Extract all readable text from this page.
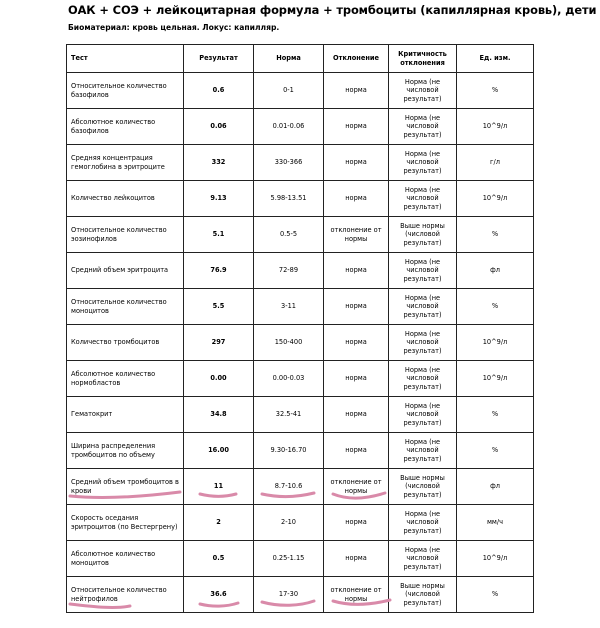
ОАК + СОЭ + лейкоцитарная формула + тромбоциты (капиллярная кровь), дети
Биоматериал: кровь цельная. Локус: капилляр.
Тест	Результат	Норма	Отклонение	Критичность отклонения	Ед. изм.
Относительное количество базофилов	0.6	0-1	норма	Норма (не числовой результат)	%
Абсолютное количество базофилов	0.06	0.01-0.06	норма	Норма (не числовой результат)	10^9/л
Средняя концентрация гемоглобина в эритроците	332	330-366	норма	Норма (не числовой результат)	г/л
Количество лейкоцитов	9.13	5.98-13.51	норма	Норма (не числовой результат)	10^9/л
Относительное количество эозинофилов	5.1	0.5-5	отклонение от нормы	Выше нормы (числовой результат)	%
Средний объем эритроцита	76.9	72-89	норма	Норма (не числовой результат)	фл
Относительное количество моноцитов	5.5	3-11	норма	Норма (не числовой результат)	%
Количество тромбоцитов	297	150-400	норма	Норма (не числовой результат)	10^9/л
Абсолютное количество нормобластов	0.00	0.00-0.03	норма	Норма (не числовой результат)	10^9/л
Гематокрит	34.8	32.5-41	норма	Норма (не числовой результат)	%
Ширина распределения тромбоцитов по объему	16.00	9.30-16.70	норма	Норма (не числовой результат)	%
Средний объем тромбоцитов в крови	11	8.7-10.6	отклонение от нормы	Выше нормы (числовой результат)	фл
Скорость оседания эритроцитов (по Вестергрену)	2	2-10	норма	Норма (не числовой результат)	мм/ч
Абсолютное количество моноцитов	0.5	0.25-1.15	норма	Норма (не числовой результат)	10^9/л
Относительное количество нейтрофилов	36.6	17-30	отклонение от нормы	Выше нормы (числовой результат)	%
